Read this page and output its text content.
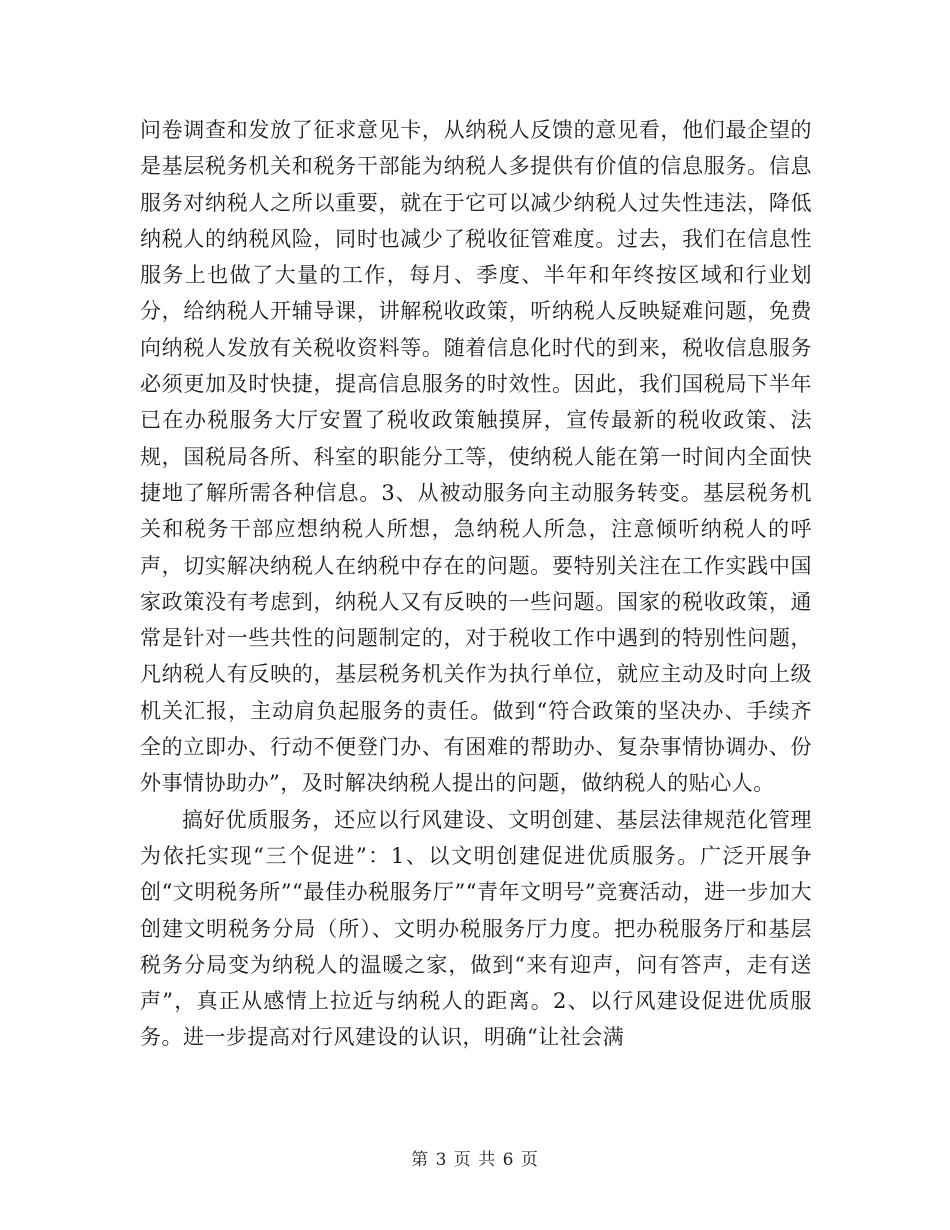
问卷调查和发放了征求意见卡，从纳税人反馈的意见看，他们最企望的是基层税务机关和税务干部能为纳税人多提供有价值的信息服务。信息服务对纳税人之所以重要，就在于它可以减少纳税人过失性违法，降低纳税人的纳税风险，同时也减少了税收征管难度。过去，我们在信息性服务上也做了大量的工作，每月、季度、半年和年终按区域和行业划分，给纳税人开辅导课，讲解税收政策，听纳税人反映疑难问题，免费向纳税人发放有关税收资料等。随着信息化时代的到来，税收信息服务必须更加及时快捷，提高信息服务的时效性。因此，我们国税局下半年已在办税服务大厅安置了税收政策触摸屏，宣传最新的税收政策、法规，国税局各所、科室的职能分工等，使纳税人能在第一时间内全面快捷地了解所需各种信息。3、从被动服务向主动服务转变。基层税务机关和税务干部应想纳税人所想，急纳税人所急，注意倾听纳税人的呼声，切实解决纳税人在纳税中存在的问题。要特别关注在工作实践中国家政策没有考虑到，纳税人又有反映的一些问题。国家的税收政策，通常是针对一些共性的问题制定的，对于税收工作中遇到的特别性问题，凡纳税人有反映的，基层税务机关作为执行单位，就应主动及时向上级机关汇报，主动肩负起服务的责任。做到“符合政策的坚决办、手续齐全的立即办、行动不便登门办、有困难的帮助办、复杂事情协调办、份外事情协助办”，及时解决纳税人提出的问题，做纳税人的贴心人。

搞好优质服务，还应以行风建设、文明创建、基层法律规范化管理为依托实现“三个促进”：1、以文明创建促进优质服务。广泛开展争创“文明税务所”“最佳办税服务厅”“青年文明号”竞赛活动，进一步加大创建文明税务分局（所）、文明办税服务厅力度。把办税服务厅和基层税务分局变为纳税人的温暖之家，做到“来有迎声，问有答声，走有送声”，真正从感情上拉近与纳税人的距离。2、以行风建设促进优质服务。进一步提高对行风建设的认识，明确“让社会满

第 3 页 共 6 页
